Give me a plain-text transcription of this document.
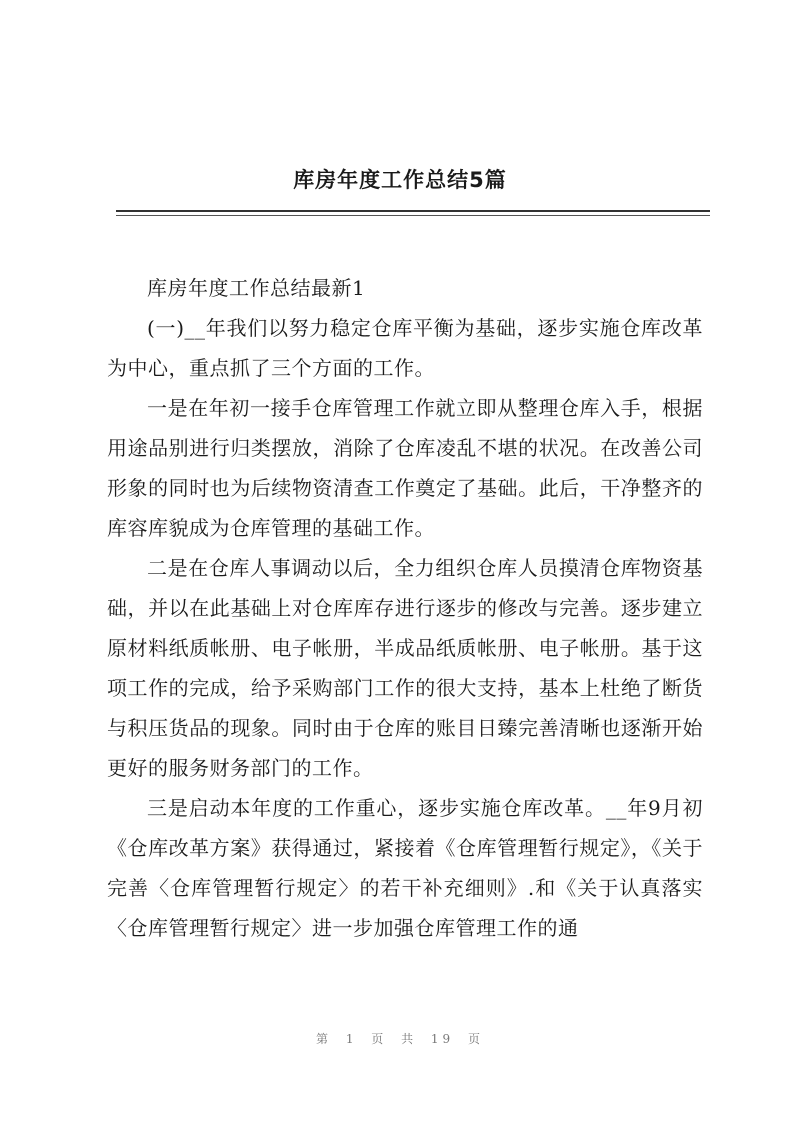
库房年度工作总结5篇

库房年度工作总结最新1

(一)__年我们以努力稳定仓库平衡为基础，逐步实施仓库改革为中心，重点抓了三个方面的工作。

一是在年初一接手仓库管理工作就立即从整理仓库入手，根据用途品别进行归类摆放，消除了仓库凌乱不堪的状况。在改善公司形象的同时也为后续物资清查工作奠定了基础。此后，干净整齐的库容库貌成为仓库管理的基础工作。

二是在仓库人事调动以后，全力组织仓库人员摸清仓库物资基础，并以在此基础上对仓库库存进行逐步的修改与完善。逐步建立原材料纸质帐册、电子帐册，半成品纸质帐册、电子帐册。基于这项工作的完成，给予采购部门工作的很大支持，基本上杜绝了断货与积压货品的现象。同时由于仓库的账目日臻完善清晰也逐渐开始更好的服务财务部门的工作。

三是启动本年度的工作重心，逐步实施仓库改革。__年9月初《仓库改革方案》获得通过，紧接着《仓库管理暂行规定》，《关于完善〈仓库管理暂行规定〉的若干补充细则》.和《关于认真落实〈仓库管理暂行规定〉进一步加强仓库管理工作的通

第 1 页 共 19 页
